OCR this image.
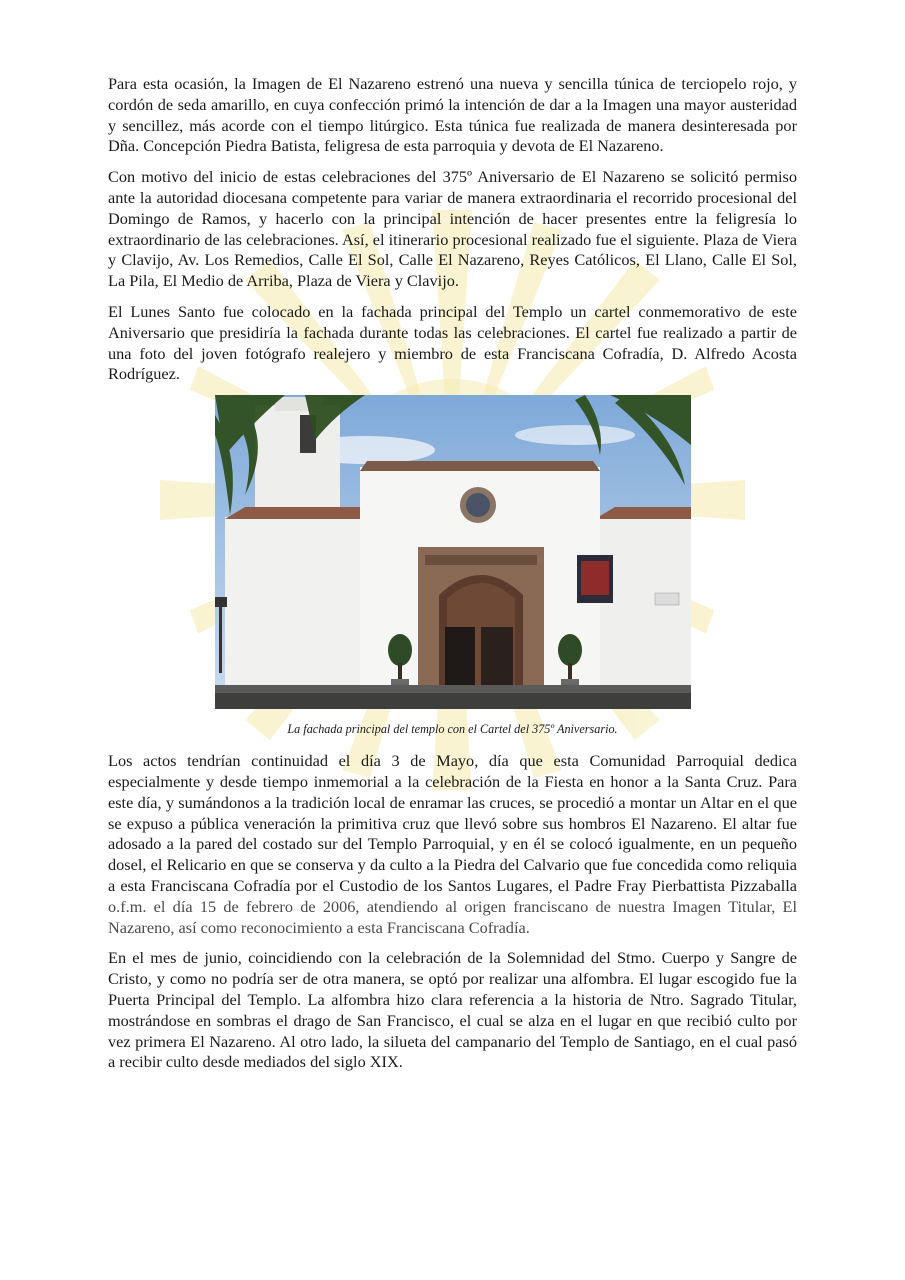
Para esta ocasión, la Imagen de El Nazareno estrenó una nueva y sencilla túnica de terciopelo rojo, y cordón de seda amarillo, en cuya confección primó la intención de dar a la Imagen una mayor austeridad y sencillez, más acorde con el tiempo litúrgico. Esta túnica fue realizada de manera desinteresada por Dña. Concepción Piedra Batista, feligresa de esta parroquia y devota de El Nazareno.

Con motivo del inicio de estas celebraciones del 375º Aniversario de El Nazareno se solicitó permiso ante la autoridad diocesana competente para variar de manera extraordinaria el recorrido procesional del Domingo de Ramos, y hacerlo con la principal intención de hacer presentes entre la feligresía lo extraordinario de las celebraciones. Así, el itinerario procesional realizado fue el siguiente. Plaza de Viera y Clavijo, Av. Los Remedios, Calle El Sol, Calle El Nazareno, Reyes Católicos, El Llano, Calle El Sol, La Pila, El Medio de Arriba, Plaza de Viera y Clavijo.

El Lunes Santo fue colocado en la fachada principal del Templo un cartel conmemorativo de este Aniversario que presidiría la fachada durante todas las celebraciones. El cartel fue realizado a partir de una foto del joven fotógrafo realejero y miembro de esta Franciscana Cofradía, D. Alfredo Acosta Rodríguez.

La fachada principal del templo con el Cartel del 375º Aniversario.

Los actos tendrían continuidad el día 3 de Mayo, día que esta Comunidad Parroquial dedica especialmente y desde tiempo inmemorial a la celebración de la Fiesta en honor a la Santa Cruz. Para este día, y sumándonos a la tradición local de enramar las cruces, se procedió a montar un Altar en el que se expuso a pública veneración la primitiva cruz que llevó sobre sus hombros El Nazareno. El altar fue adosado a la pared del costado sur del Templo Parroquial, y en él se colocó igualmente, en un pequeño dosel, el Relicario en que se conserva y da culto a la Piedra del Calvario que fue concedida como reliquia a esta Franciscana Cofradía por el Custodio de los Santos Lugares, el Padre Fray Pierbattista Pizzaballa o.f.m. el día 15 de febrero de 2006, atendiendo al origen franciscano de nuestra Imagen Titular, El Nazareno, así como reconocimiento a esta Franciscana Cofradía.

En el mes de junio, coincidiendo con la celebración de la Solemnidad del Stmo. Cuerpo y Sangre de Cristo, y como no podría ser de otra manera, se optó por realizar una alfombra. El lugar escogido fue la Puerta Principal del Templo. La alfombra hizo clara referencia a la historia de Ntro. Sagrado Titular, mostrándose en sombras el drago de San Francisco, el cual se alza en el lugar en que recibió culto por vez primera El Nazareno. Al otro lado, la silueta del campanario del Templo de Santiago, en el cual pasó a recibir culto desde mediados del siglo XIX.
